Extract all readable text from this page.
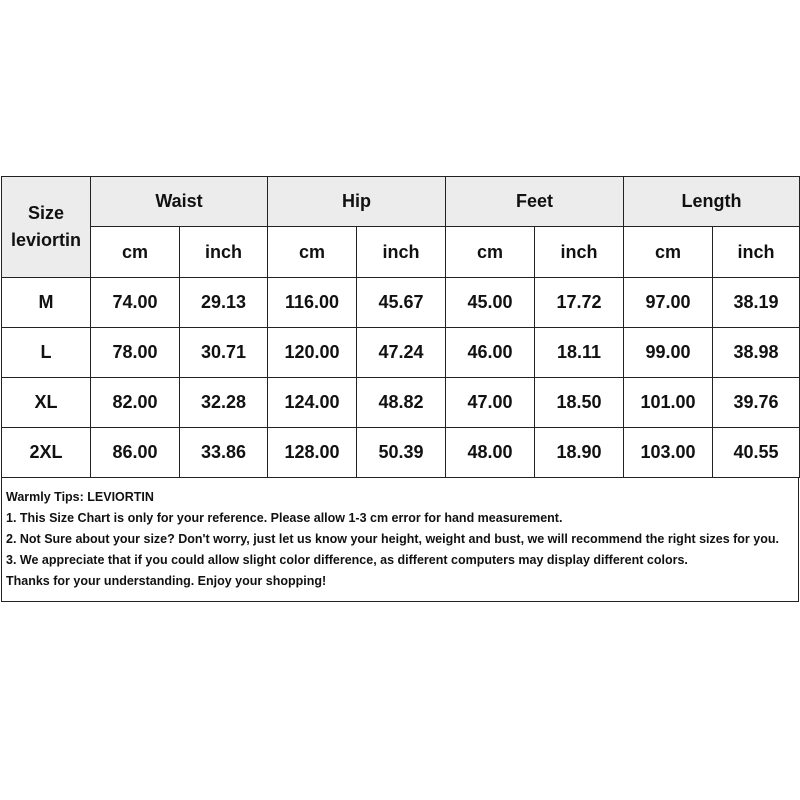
Size
leviortin	Waist		Hip		Feet		Length	
	cm	inch	cm	inch	cm	inch	cm	inch
M	74.00	29.13	116.00	45.67	45.00	17.72	97.00	38.19
L	78.00	30.71	120.00	47.24	46.00	18.11	99.00	38.98
XL	82.00	32.28	124.00	48.82	47.00	18.50	101.00	39.76
2XL	86.00	33.86	128.00	50.39	48.00	18.90	103.00	40.55
Warmly Tips: LEVIORTIN
1. This Size Chart is only for your reference. Please allow 1-3 cm error for hand measurement.
2. Not Sure about your size? Don't worry, just let us know your height, weight and bust, we will recommend the right sizes for you.
3. We appreciate that if you could allow slight color difference, as different computers may display different colors.
Thanks for your understanding. Enjoy your shopping!
